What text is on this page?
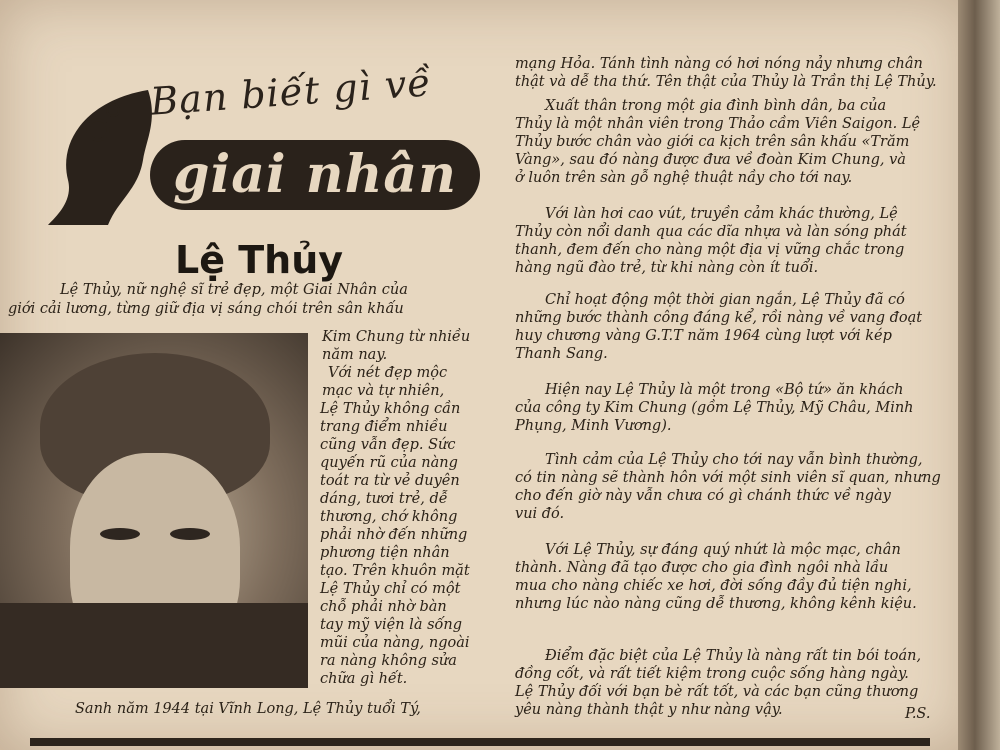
Bạn biết gì về
giai nhân
Lệ Thủy
Lệ Thủy, nữ nghệ sĩ trẻ đẹp, một Giai Nhân của
giới cải lương, từng giữ địa vị sáng chói trên sân khấu
Kim Chung từ nhiều
năm nay.
Với nét đẹp mộc
mạc và tự nhiên,
Lệ Thủy không cần
trang điểm nhiều
cũng vẫn đẹp. Sức
quyến rũ của nàng
toát ra từ vẻ duyên
dáng, tươi trẻ, dễ
thương, chớ không
phải nhờ đến những
phương tiện nhân
tạo. Trên khuôn mặt
Lệ Thủy chỉ có một
chỗ phải nhờ bàn
tay mỹ viện là sống
mũi của nàng, ngoài
ra nàng không sửa
chữa gì hết.
Sanh năm 1944 tại Vĩnh Long, Lệ Thủy tuổi Tý,
mạng Hỏa. Tánh tình nàng có hơi nóng nảy nhưng chân
thật và dễ tha thứ. Tên thật của Thủy là Trần thị Lệ Thủy.
Xuất thân trong một gia đình bình dân, ba của
Thủy là một nhân viên trong Thảo cầm Viên Saigon. Lệ
Thủy bước chân vào giới ca kịch trên sân khấu «Trăm
Vàng», sau đó nàng được đưa về đoàn Kim Chung, và
ở luôn trên sàn gỗ nghệ thuật nầy cho tới nay.
Với làn hơi cao vút, truyền cảm khác thường, Lệ
Thủy còn nổi danh qua các dĩa nhựa và làn sóng phát
thanh, đem đến cho nàng một địa vị vững chắc trong
hàng ngũ đào trẻ, từ khi nàng còn ít tuổi.
Chỉ hoạt động một thời gian ngắn, Lệ Thủy đã có
những bước thành công đáng kể, rồi nàng về vang đoạt
huy chương vàng G.T.T năm 1964 cùng lượt với kép
Thanh Sang.
Hiện nay Lệ Thủy là một trong «Bộ tứ» ăn khách
của công ty Kim Chung (gồm Lệ Thủy, Mỹ Châu, Minh
Phụng, Minh Vương).
Tình cảm của Lệ Thủy cho tới nay vẫn bình thường,
có tin nàng sẽ thành hôn với một sinh viên sĩ quan, nhưng
cho đến giờ này vẫn chưa có gì chánh thức về ngày
vui đó.
Với Lệ Thủy, sự đáng quý nhứt là mộc mạc, chân
thành. Nàng đã tạo được cho gia đình ngôi nhà lầu
mua cho nàng chiếc xe hơi, đời sống đầy đủ tiện nghi,
nhưng lúc nào nàng cũng dễ thương, không kênh kiệu.
Điểm đặc biệt của Lệ Thủy là nàng rất tin bói toán,
đồng cốt, và rất tiết kiệm trong cuộc sống hàng ngày.
Lệ Thủy đối với bạn bè rất tốt, và các bạn cũng thương
yêu nàng thành thật y như nàng vậy.	P.S.
